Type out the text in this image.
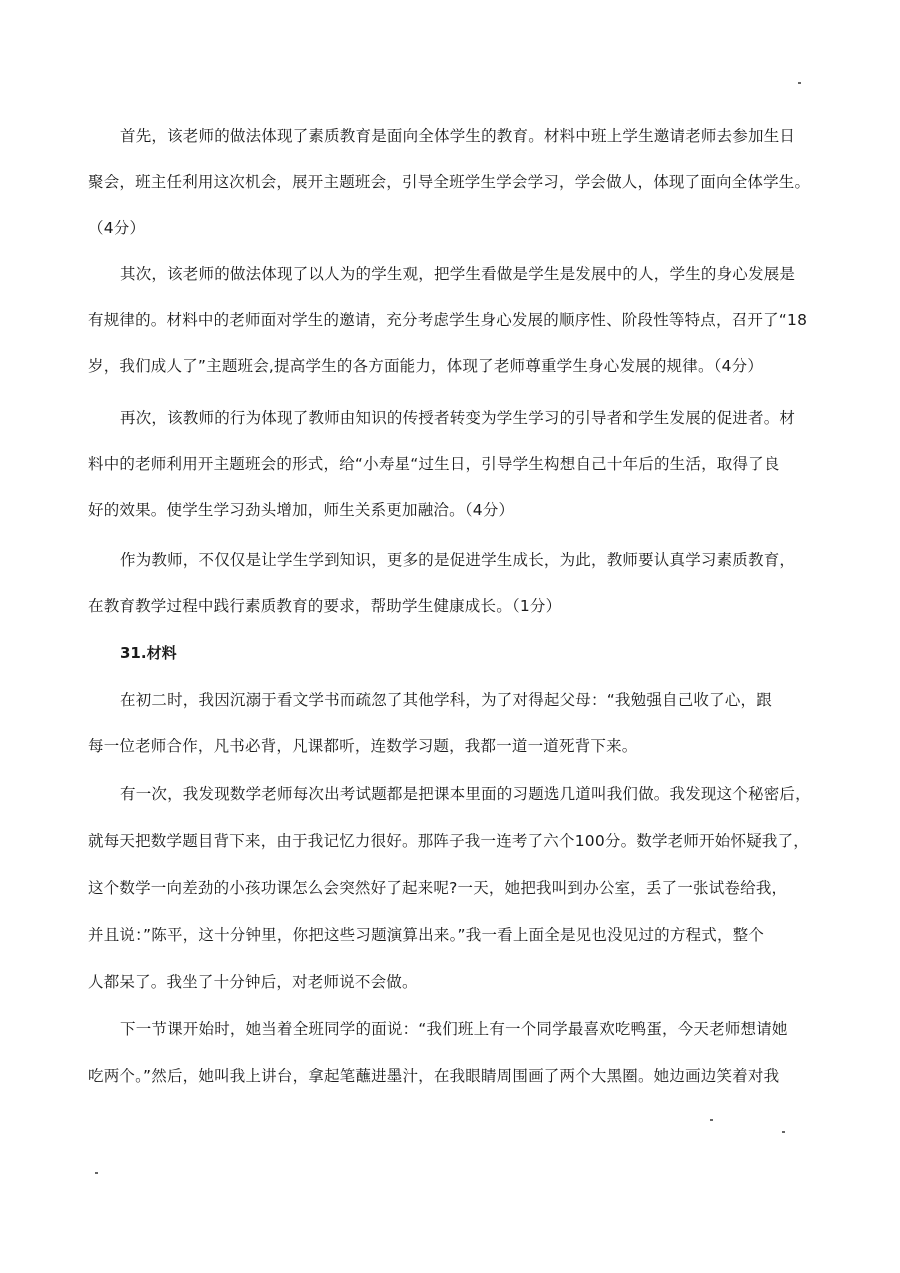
首先，该老师的做法体现了素质教育是面向全体学生的教育。材料中班上学生邀请老师去参加生日
聚会，班主任利用这次机会，展开主题班会，引导全班学生学会学习，学会做人，体现了面向全体学生。
（4分）
其次，该老师的做法体现了以人为的学生观，把学生看做是学生是发展中的人，学生的身心发展是
有规律的。材料中的老师面对学生的邀请，充分考虑学生身心发展的顺序性、阶段性等特点，召开了“18
岁，我们成人了”主题班会,提高学生的各方面能力，体现了老师尊重学生身心发展的规律。（4分）
再次，该教师的行为体现了教师由知识的传授者转变为学生学习的引导者和学生发展的促进者。材
料中的老师利用开主题班会的形式，给“小寿星“过生日，引导学生构想自己十年后的生活，取得了良
好的效果。使学生学习劲头增加，师生关系更加融洽。（4分）
作为教师，不仅仅是让学生学到知识，更多的是促进学生成长，为此，教师要认真学习素质教育，
在教育教学过程中践行素质教育的要求，帮助学生健康成长。（1分）
31.材料
在初二时，我因沉溺于看文学书而疏忽了其他学科，为了对得起父母：“我勉强自己收了心，跟
每一位老师合作，凡书必背，凡课都听，连数学习题，我都一道一道死背下来。
有一次，我发现数学老师每次出考试题都是把课本里面的习题选几道叫我们做。我发现这个秘密后，
就每天把数学题目背下来，由于我记忆力很好。那阵子我一连考了六个100分。数学老师开始怀疑我了，
这个数学一向差劲的小孩功课怎么会突然好了起来呢?一天，她把我叫到办公室，丢了一张试卷给我，
并且说：”陈平，这十分钟里，你把这些习题演算出来。”我一看上面全是见也没见过的方程式，整个
人都呆了。我坐了十分钟后，对老师说不会做。
下一节课开始时，她当着全班同学的面说：“我们班上有一个同学最喜欢吃鸭蛋，今天老师想请她
吃两个。”然后，她叫我上讲台，拿起笔蘸进墨汁，在我眼睛周围画了两个大黑圈。她边画边笑着对我
